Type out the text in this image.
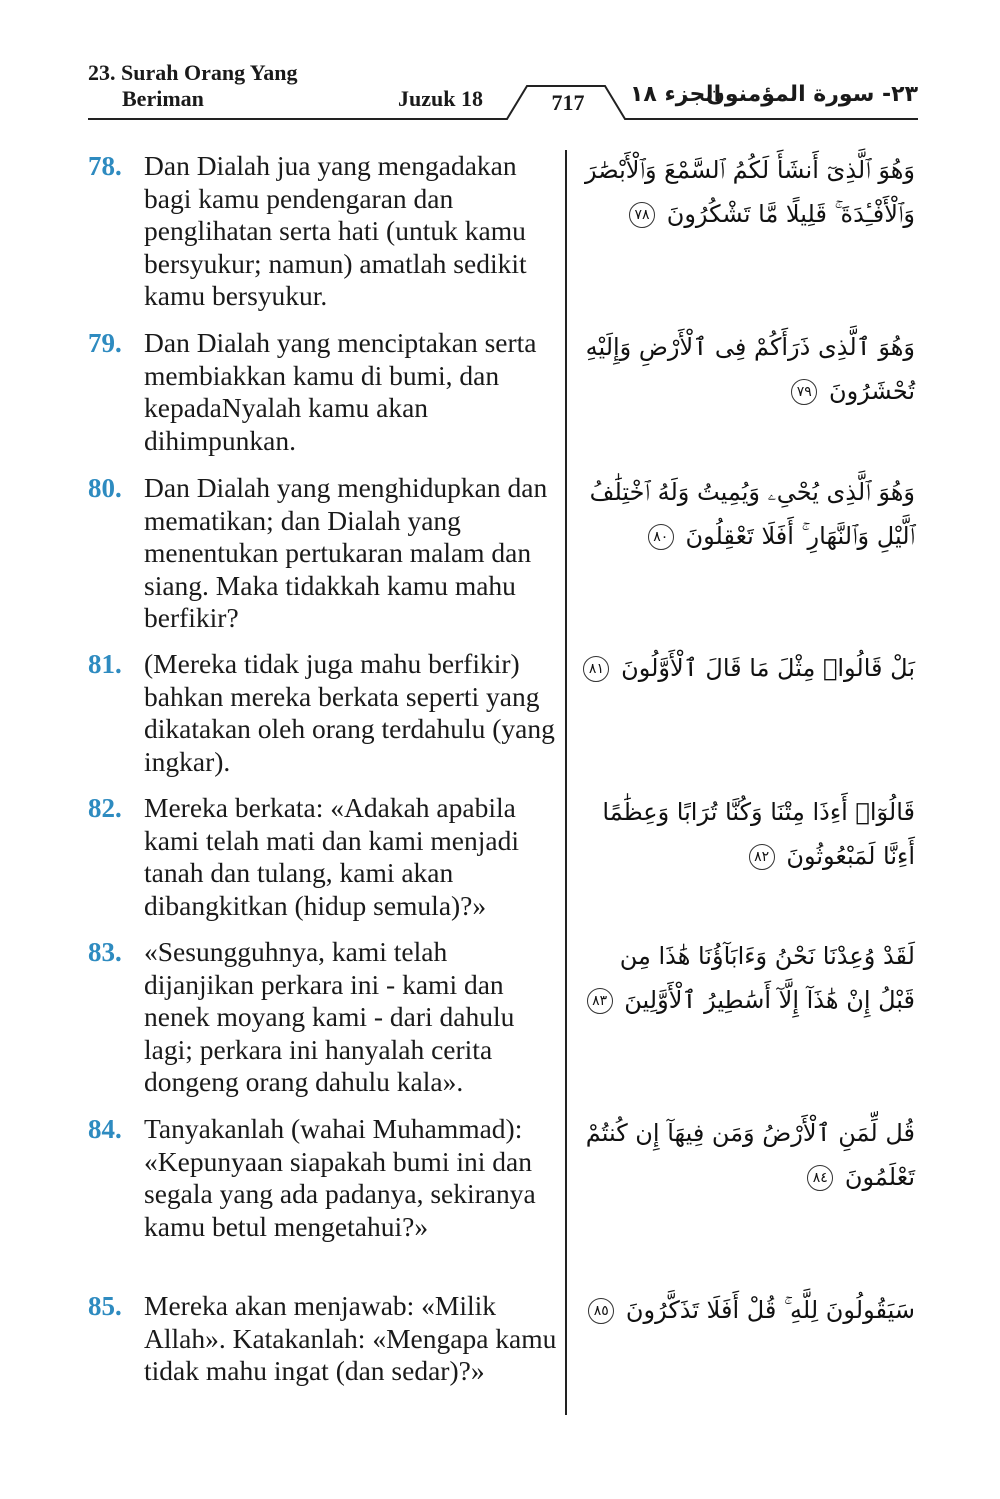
23. Surah Orang Yang
Beriman	Juzuk 18	717	الجزء ١٨
٢٣- سورة المؤمنون
78. Dan Dialah jua yang mengadakan bagi kamu pendengaran dan penglihatan serta hati (untuk kamu bersyukur; namun) amatlah sedikit kamu bersyukur.
وَهُوَ ٱلَّذِىٓ أَنشَأَ لَكُمُ ٱلسَّمْعَ وَٱلْأَبْصَٰرَ وَٱلْأَفْـِٔدَةَ ۚ قَلِيلًا مَّا تَشْكُرُونَ ٧٨
79. Dan Dialah yang menciptakan serta membiakkan kamu di bumi, dan kepadaNyalah kamu akan dihimpunkan.
وَهُوَ ٱلَّذِى ذَرَأَكُمْ فِى ٱلْأَرْضِ وَإِلَيْهِ تُحْشَرُونَ ٧٩
80. Dan Dialah yang menghidupkan dan mematikan; dan Dialah yang menentukan pertukaran malam dan siang. Maka tidakkah kamu mahu berfikir?
وَهُوَ ٱلَّذِى يُحْىِۦ وَيُمِيتُ وَلَهُ ٱخْتِلَٰفُ ٱلَّيْلِ وَٱلنَّهَارِ ۚ أَفَلَا تَعْقِلُونَ ٨٠
81. (Mereka tidak juga mahu berfikir) bahkan mereka berkata seperti yang dikatakan oleh orang terdahulu (yang ingkar).
بَلْ قَالُوا۟ مِثْلَ مَا قَالَ ٱلْأَوَّلُونَ ٨١
82. Mereka berkata: «Adakah apabila kami telah mati dan kami menjadi tanah dan tulang, kami akan dibangkitkan (hidup semula)?»
قَالُوٓا۟ أَءِذَا مِتْنَا وَكُنَّا تُرَابًا وَعِظَٰمًا أَءِنَّا لَمَبْعُوثُونَ ٨٢
83. «Sesungguhnya, kami telah dijanjikan perkara ini - kami dan nenek moyang kami - dari dahulu lagi; perkara ini hanyalah cerita dongeng orang dahulu kala».
لَقَدْ وُعِدْنَا نَحْنُ وَءَابَآؤُنَا هَٰذَا مِن قَبْلُ إِنْ هَٰذَآ إِلَّآ أَسَٰطِيرُ ٱلْأَوَّلِينَ ٨٣
84. Tanyakanlah (wahai Muhammad): «Kepunyaan siapakah bumi ini dan segala yang ada padanya, sekiranya kamu betul mengetahui?»
قُل لِّمَنِ ٱلْأَرْضُ وَمَن فِيهَآ إِن كُنتُمْ تَعْلَمُونَ ٨٤
85. Mereka akan menjawab: «Milik Allah». Katakanlah: «Mengapa kamu tidak mahu ingat (dan sedar)?»
سَيَقُولُونَ لِلَّهِ ۚ قُلْ أَفَلَا تَذَكَّرُونَ ٨٥
